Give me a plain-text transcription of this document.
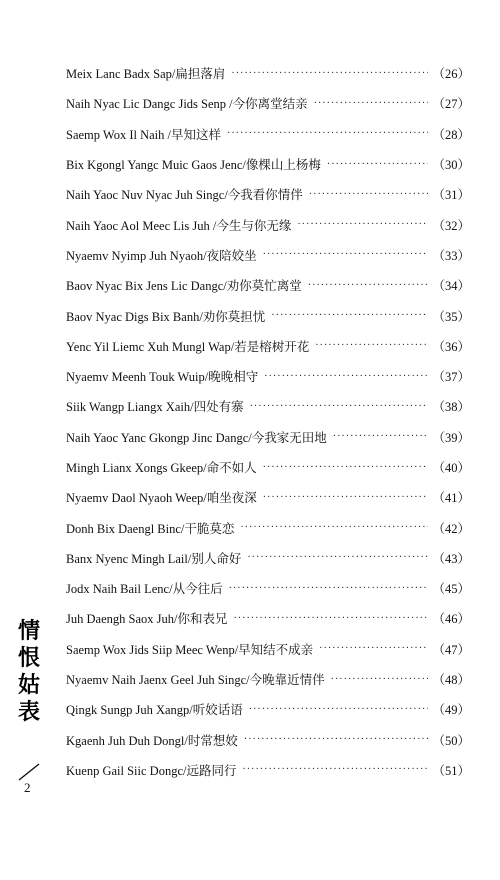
Meix Lanc Badx Sap/扁担落肩 ·····	（26）
Naih Nyac Lic Dangc Jids Senp /今你离堂结亲 ·····	（27）
Saemp Wox Il Naih /早知这样 ·····	（28）
Bix Kgongl Yangc Muic Gaos Jenc/像棵山上杨梅 ·····	（30）
Naih Yaoc Nuv Nyac Juh Singc/今我看你情伴 ·····	（31）
Naih Yaoc Aol Meec Lis Juh /今生与你无缘 ·····	（32）
Nyaemv Nyimp Juh Nyaoh/夜陪姣坐 ·····	（33）
Baov Nyac Bix Jens Lic Dangc/劝你莫忙离堂 ·····	（34）
Baov Nyac Digs Bix Banh/劝你莫担忧 ·····	（35）
Yenc Yil Liemc Xuh Mungl Wap/若是榕树开花 ·····	（36）
Nyaemv Meenh Touk Wuip/晚晚相守 ·····	（37）
Siik Wangp Liangx Xaih/四处有寨 ·····	（38）
Naih Yaoc Yanc Gkongp Jinc Dangc/今我家无田地 ·····	（39）
Mingh Lianx Xongs Gkeep/命不如人 ·····	（40）
Nyaemv Daol Nyaoh Weep/咱坐夜深 ·····	（41）
Donh Bix Daengl Binc/干脆莫恋 ·····	（42）
Banx Nyenc Mingh Lail/别人命好 ·····	（43）
Jodx Naih Bail Lenc/从今往后 ·····	（45）
Juh Daengh Saox Juh/你和表兄 ·····	（46）
Saemp Wox Jids Siip Meec Wenp/早知结不成亲 ·····	（47）
Nyaemv Naih Jaenx Geel Juh Singc/今晚靠近情伴 ·····	（48）
Qingk Sungp Juh Xangp/听姣话语 ·····	（49）
Kgaenh Juh Duh Dongl/时常想姣 ·····	（50）
Kuenp Gail Siic Dongc/远路同行 ·····	（51）
情
恨
姑
表
2
